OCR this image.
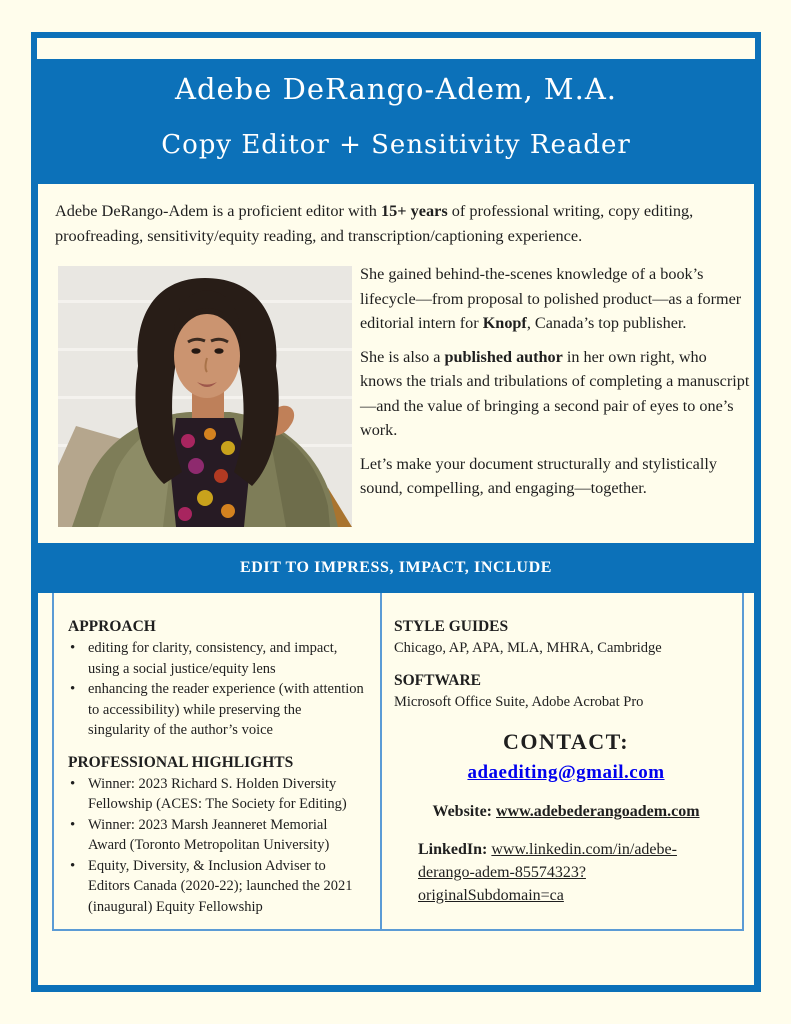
Adebe DeRango-Adem, M.A.
Copy Editor + Sensitivity Reader
Adebe DeRango-Adem is a proficient editor with 15+ years of professional writing, copy editing, proofreading, sensitivity/equity reading, and transcription/captioning experience.

She gained behind-the-scenes knowledge of a book’s lifecycle—from proposal to polished product—as a former editorial intern for Knopf, Canada’s top publisher.

She is also a published author in her own right, who knows the trials and tribulations of completing a manuscript—and the value of bringing a second pair of eyes to one’s work.

Let’s make your document structurally and stylistically sound, compelling, and engaging—together.

EDIT TO IMPRESS, IMPACT, INCLUDE
APPROACH
• editing for clarity, consistency, and impact, using a social justice/equity lens
• enhancing the reader experience (with attention to accessibility) while preserving the singularity of the author’s voice
PROFESSIONAL HIGHLIGHTS
• Winner: 2023 Richard S. Holden Diversity Fellowship (ACES: The Society for Editing)
• Winner: 2023 Marsh Jeanneret Memorial Award (Toronto Metropolitan University)
• Equity, Diversity, & Inclusion Adviser to Editors Canada (2020-22); launched the 2021 (inaugural) Equity Fellowship
STYLE GUIDES
Chicago, AP, APA, MLA, MHRA, Cambridge
SOFTWARE
Microsoft Office Suite, Adobe Acrobat Pro
CONTACT:
adaediting@gmail.com
Website: www.adebederangoadem.com
LinkedIn: www.linkedin.com/in/adebe-derango-adem-85574323?originalSubdomain=ca
